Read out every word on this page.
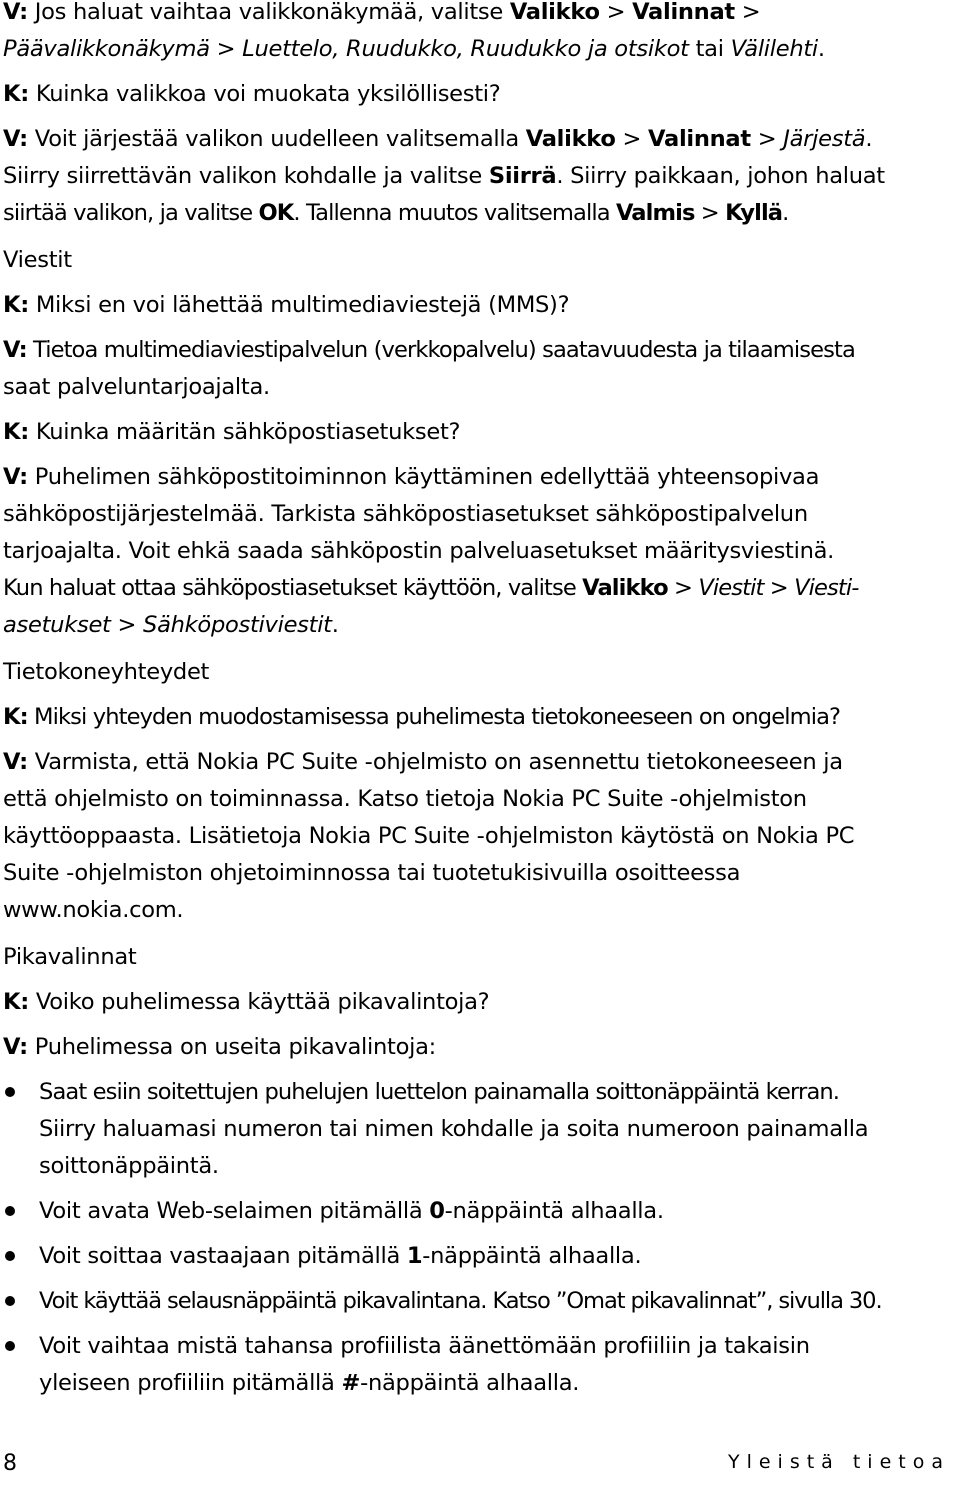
V: Jos haluat vaihtaa valikkonäkymää, valitse Valikko > Valinnat >
Päävalikkonäkymä > Luettelo, Ruudukko, Ruudukko ja otsikot tai Välilehti.
K: Kuinka valikkoa voi muokata yksilöllisesti?
V: Voit järjestää valikon uudelleen valitsemalla Valikko > Valinnat > Järjestä.
Siirry siirrettävän valikon kohdalle ja valitse Siirrä. Siirry paikkaan, johon haluat
siirtää valikon, ja valitse OK. Tallenna muutos valitsemalla Valmis > Kyllä.
Viestit
K: Miksi en voi lähettää multimediaviestejä (MMS)?
V: Tietoa multimediaviestipalvelun (verkkopalvelu) saatavuudesta ja tilaamisesta
saat palveluntarjoajalta.
K: Kuinka määritän sähköpostiasetukset?
V: Puhelimen sähköpostitoiminnon käyttäminen edellyttää yhteensopivaa
sähköpostijärjestelmää. Tarkista sähköpostiasetukset sähköpostipalvelun
tarjoajalta. Voit ehkä saada sähköpostin palveluasetukset määritysviestinä.
Kun haluat ottaa sähköpostiasetukset käyttöön, valitse Valikko > Viestit > Viesti-
asetukset > Sähköpostiviestit.
Tietokoneyhteydet
K: Miksi yhteyden muodostamisessa puhelimesta tietokoneeseen on ongelmia?
V: Varmista, että Nokia PC Suite -ohjelmisto on asennettu tietokoneeseen ja
että ohjelmisto on toiminnassa. Katso tietoja Nokia PC Suite -ohjelmiston
käyttöoppaasta. Lisätietoja Nokia PC Suite -ohjelmiston käytöstä on Nokia PC
Suite -ohjelmiston ohjetoiminnossa tai tuotetukisivuilla osoitteessa
www.nokia.com.
Pikavalinnat
K: Voiko puhelimessa käyttää pikavalintoja?
V: Puhelimessa on useita pikavalintoja:
Saat esiin soitettujen puhelujen luettelon painamalla soittonäppäintä kerran.
Siirry haluamasi numeron tai nimen kohdalle ja soita numeroon painamalla
soittonäppäintä.
Voit avata Web-selaimen pitämällä 0-näppäintä alhaalla.
Voit soittaa vastaajaan pitämällä 1-näppäintä alhaalla.
Voit käyttää selausnäppäintä pikavalintana. Katso ”Omat pikavalinnat”, sivulla 30.
Voit vaihtaa mistä tahansa profiilista äänettömään profiiliin ja takaisin
yleiseen profiiliin pitämällä #-näppäintä alhaalla.
8	Yleistä tietoa
